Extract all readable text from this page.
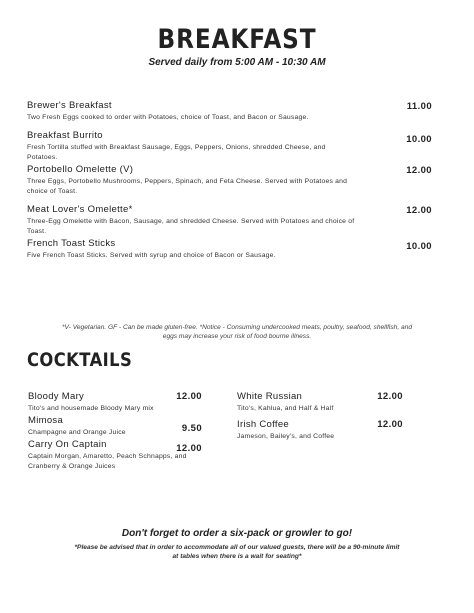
BREAKFAST
Served daily from 5:00 AM - 10:30 AM
Brewer's Breakfast
Two Fresh Eggs cooked to order with Potatoes, choice of Toast, and Bacon or Sausage.
11.00
Breakfast Burrito
Fresh Tortilla stuffed with Breakfast Sausage, Eggs, Peppers, Onions, shredded Cheese, and Potatoes.
10.00
Portobello Omelette (V)
Three Eggs, Portobello Mushrooms, Peppers, Spinach, and Feta Cheese. Served with Potatoes and choice of Toast.
12.00
Meat Lover's Omelette*
Three-Egg Omelette with Bacon, Sausage, and shredded Cheese. Served with Potatoes and choice of Toast.
12.00
French Toast Sticks
Five French Toast Sticks. Served with syrup and choice of Bacon or Sausage.
10.00
*V- Vegetarian. GF - Can be made gluten-free. *Notice - Consuming undercooked meats, poultry, seafood, shellfish, and eggs may increase your risk of food bourne illness.
COCKTAILS
Bloody Mary
Tito's and housemade Bloody Mary mix
12.00
Mimosa
Champagne and Orange Juice	9.50
Carry On Captain
Captain Morgan, Amaretto, Peach Schnapps, and Cranberry & Orange Juices
12.00
White Russian
Tito's, Kahlua, and Half & Half
12.00
Irish Coffee
Jameson, Bailey's, and Coffee
12.00
Don't forget to order a six-pack or growler to go!
*Please be advised that in order to accommodate all of our valued guests, there will be a 90-minute limit at tables when there is a wait for seating*
